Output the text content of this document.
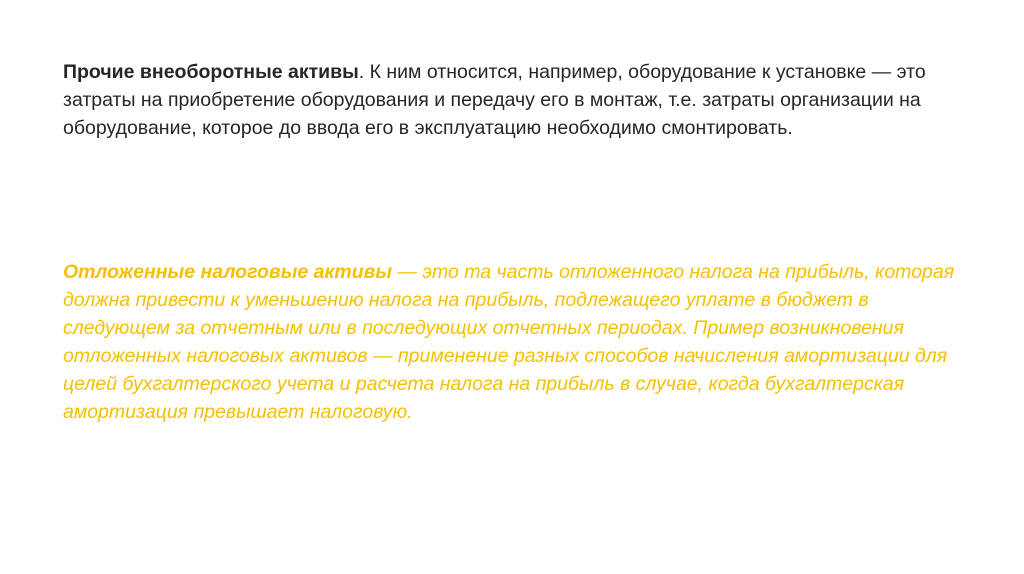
Прочие внеоборотные активы. К ним относится, например, оборудование к установке — это затраты на приобретение оборудования и передачу его в монтаж, т.е. затраты организации на оборудование, которое до ввода его в эксплуатацию необходимо смонтировать.

Отложенные налоговые активы — это та часть отложенного налога на прибыль, которая должна привести к уменьшению налога на прибыль, подлежащего уплате в бюджет в следующем за отчетным или в последующих отчетных периодах. Пример возникновения отложенных налоговых активов — применение разных способов начисления амортизации для целей бухгалтерского учета и расчета налога на прибыль в случае, когда бухгалтерская амортизация превышает налоговую.
